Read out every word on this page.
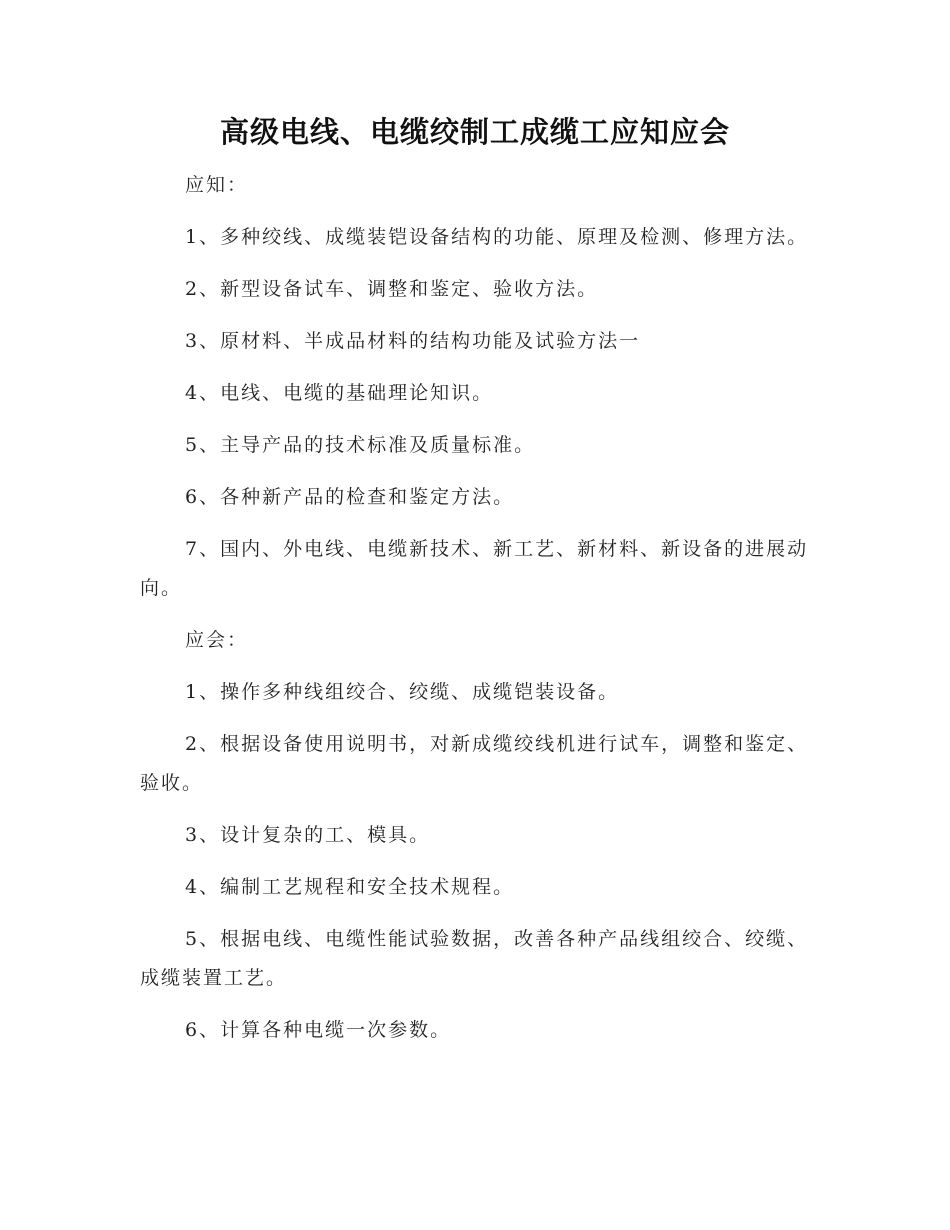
高级电线、电缆绞制工成缆工应知应会

应知：

1、多种绞线、成缆装铠设备结构的功能、原理及检测、修理方法。

2、新型设备试车、调整和鉴定、验收方法。

3、原材料、半成品材料的结构功能及试验方法一

4、电线、电缆的基础理论知识。

5、主导产品的技术标准及质量标准。

6、各种新产品的检查和鉴定方法。

7、国内、外电线、电缆新技术、新工艺、新材料、新设备的进展动向。

应会：

1、操作多种线组绞合、绞缆、成缆铠装设备。

2、根据设备使用说明书，对新成缆绞线机进行试车，调整和鉴定、验收。

3、设计复杂的工、模具。

4、编制工艺规程和安全技术规程。

5、根据电线、电缆性能试验数据，改善各种产品线组绞合、绞缆、成缆装置工艺。

6、计算各种电缆一次参数。
